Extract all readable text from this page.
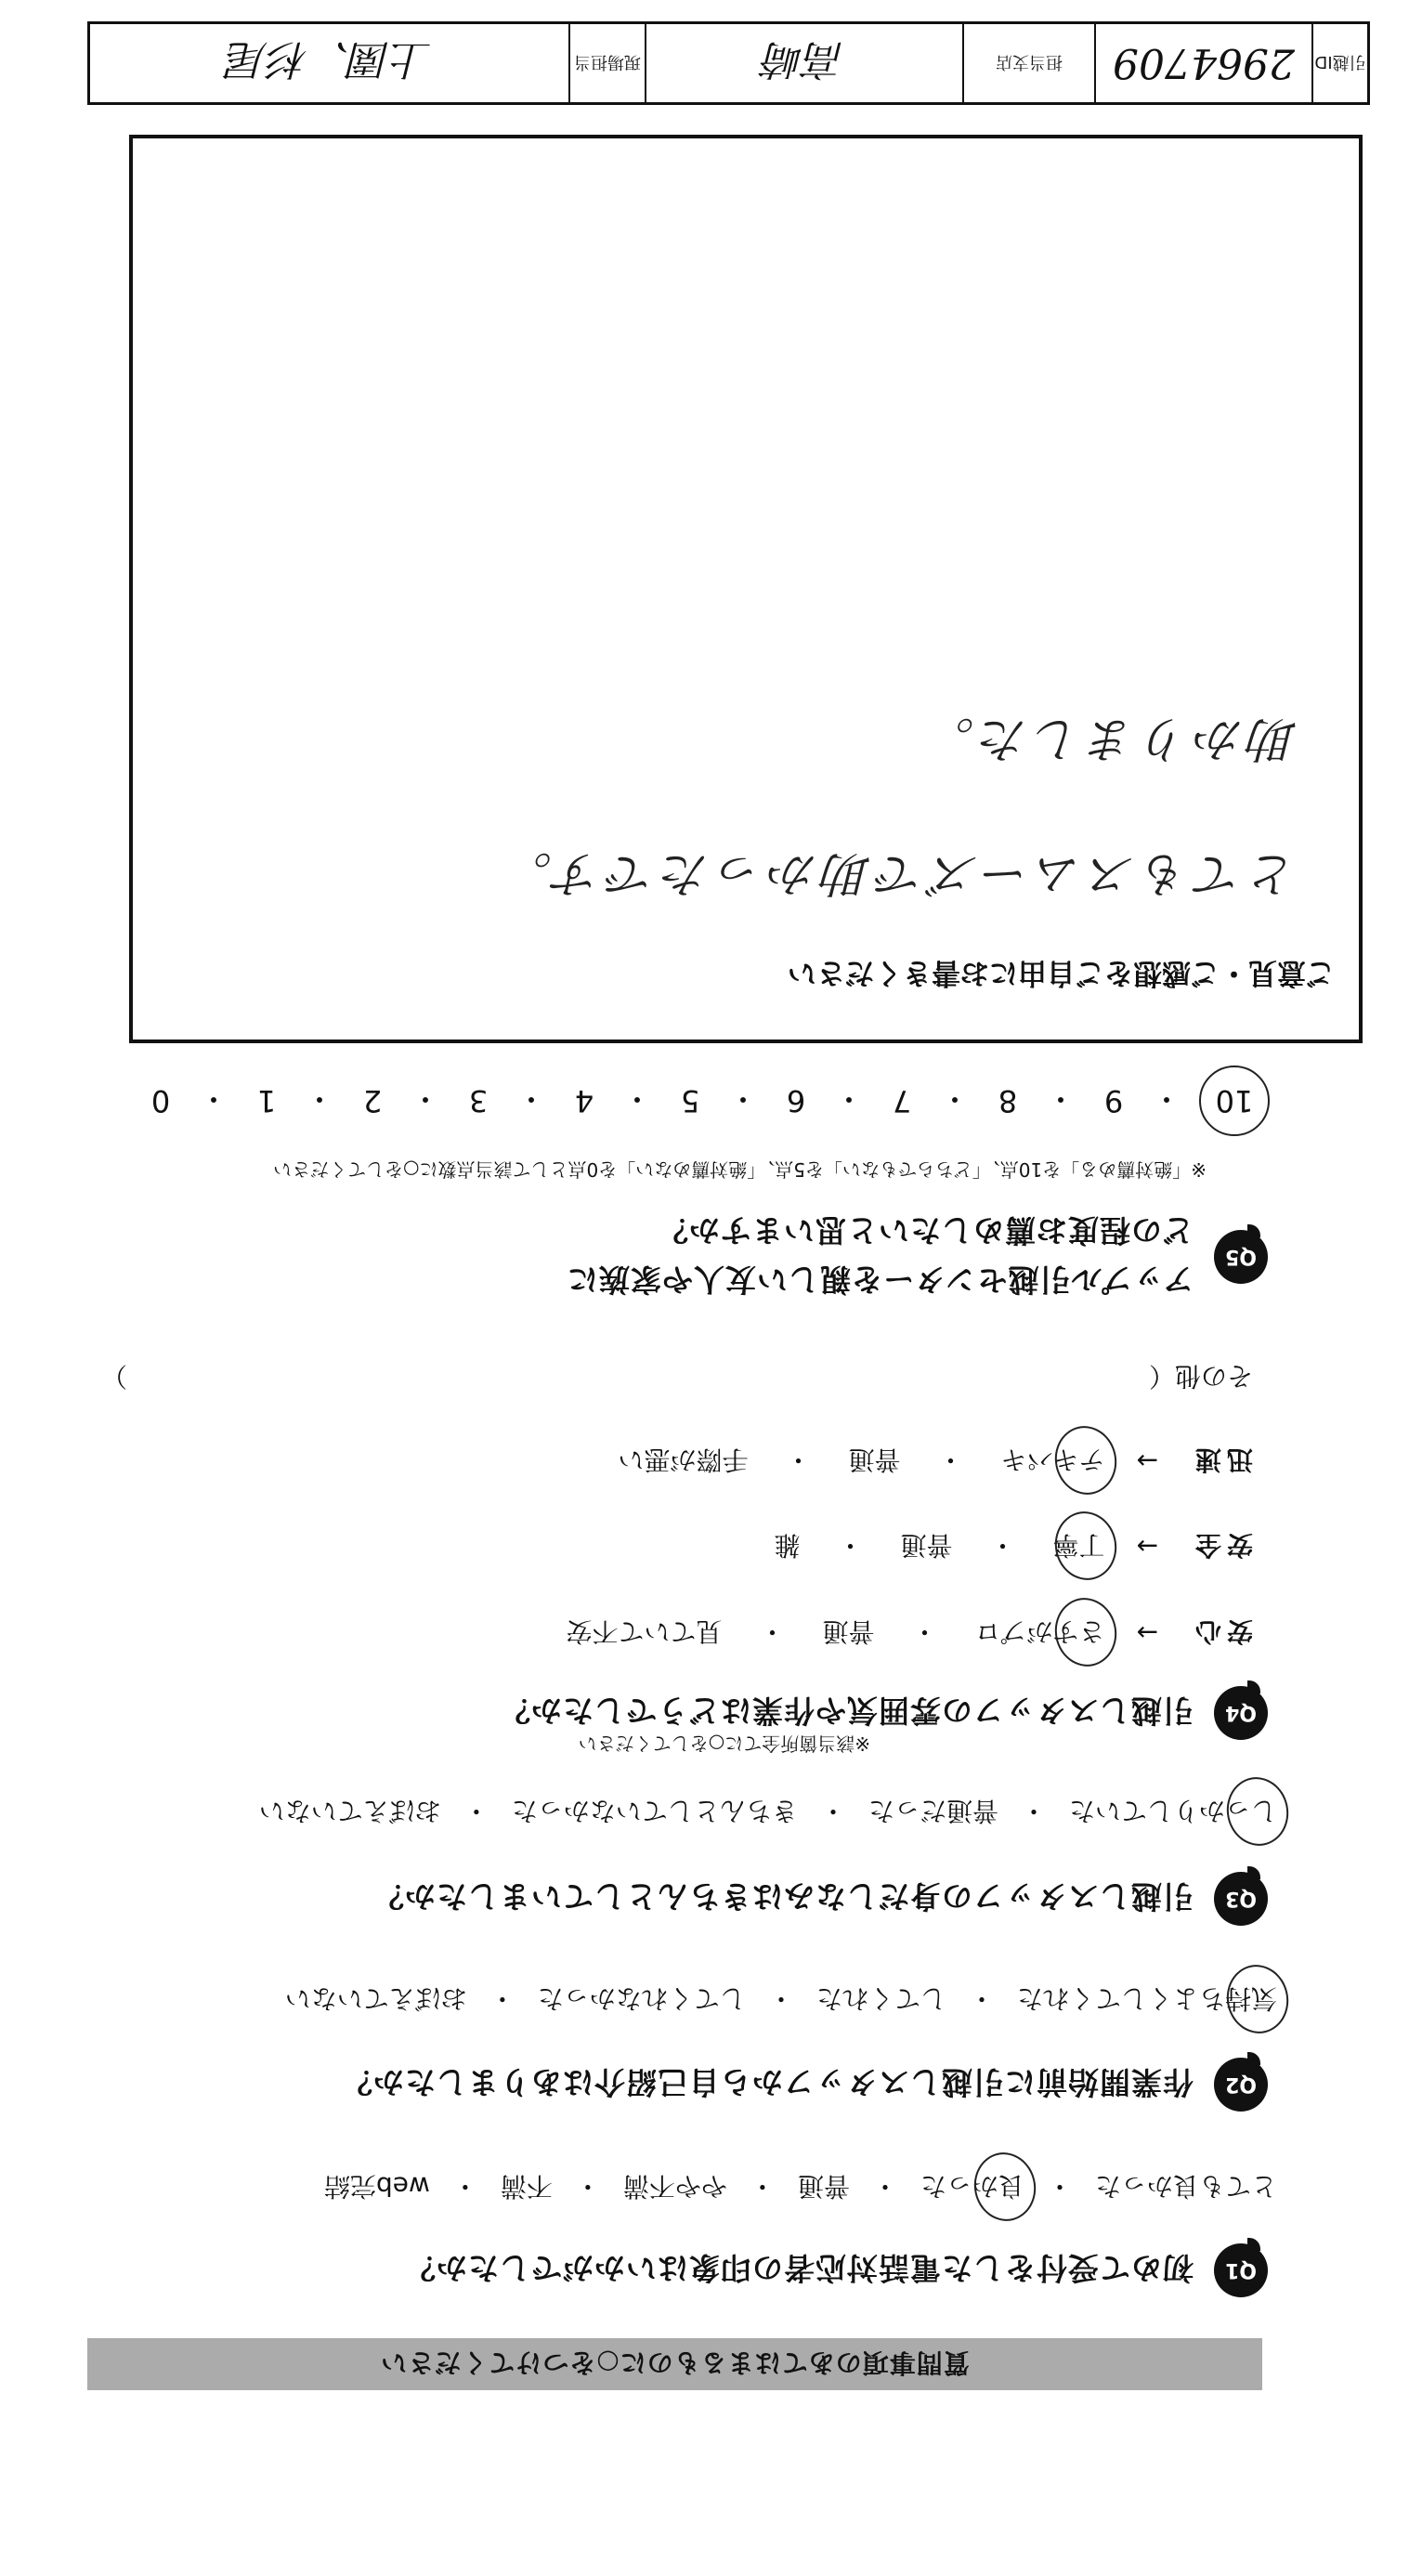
質問事項のあてはまるものに○をつけてください
Q1
初めて受付をした電話対応者の印象はいかがでしたか？
とても良かった
・
良かった
・
普通
・
やや不満
・
不満
・
web完結
Q2
作業開始前に引越しスタッフから自己紹介はありましたか？
気持ちよくしてくれた
・
してくれた
・
してくれなかった
・
おぼえていない
Q3
引越しスタッフの身だしなみはきちんとしていましたか？
しっかりしていた
・
普通だった
・
きちんとしていなかった
・
おぼえていない
Q4
引越しスタッフの雰囲気や作業はどうでしたか？
※該当箇所全てに○をしてください
安心
→
さすがプロ
・
普通
・
見ていて不安
安全
→
丁寧
・
普通
・
雑
迅速
→
テキパキ
・
普通
・
手際が悪い
その他（
）
Q5
アップル引越センターを親しい友人や家族に
どの程度お薦めしたいと思いますか？
※「絶対薦める」を10点、「どちらでもない」を5点、「絶対薦めない」を0点として該当点数に○をしてください
10
・
9
・
8
・
7
・
6
・
5
・
4
・
3
・
2
・
1
・
0
ご意見・ご感想をご自由にお書きください
とてもスムーズで助かったです。
助かりました。
引越ID
2964709
担当支店
高崎
現場担当
上園、杉尾
